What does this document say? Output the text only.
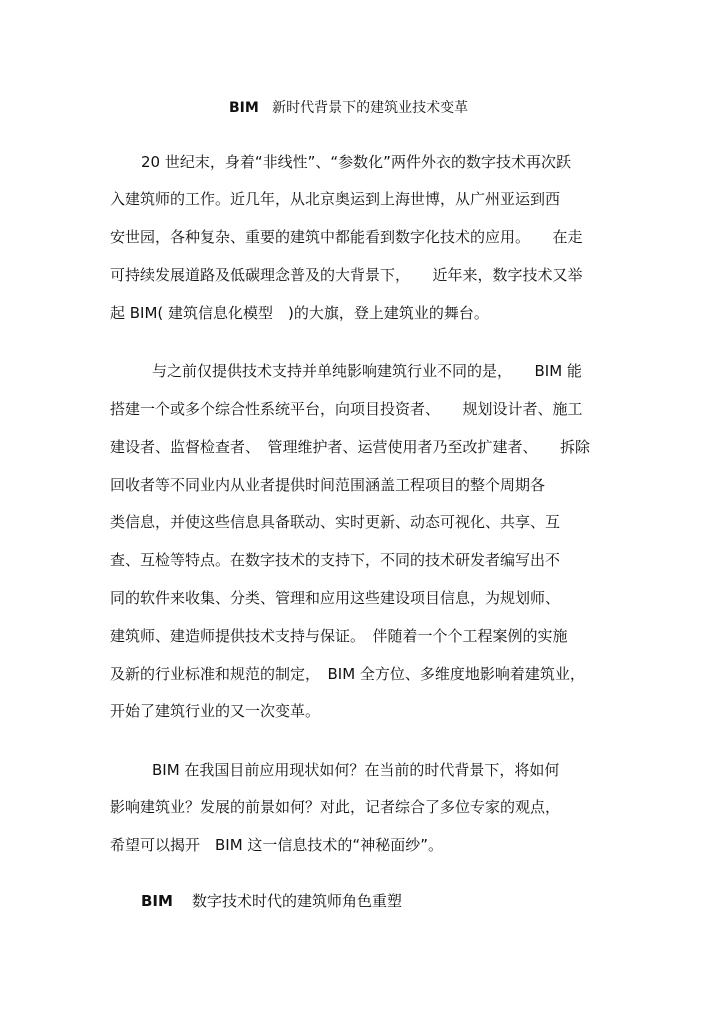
BIM 新时代背景下的建筑业技术变革
20 世纪末，身着“非线性”、“参数化”两件外衣的数字技术再次跃
入建筑师的工作。近几年，从北京奥运到上海世博，从广州亚运到西
安世园，各种复杂、重要的建筑中都能看到数字化技术的应用。　　在走
可持续发展道路及低碳理念普及的大背景下，　　近年来，数字技术又举
起 BIM( 建筑信息化模型　)的大旗，登上建筑业的舞台。
与之前仅提供技术支持并单纯影响建筑行业不同的是，　　BIM 能
搭建一个或多个综合性系统平台，向项目投资者、　　规划设计者、施工
建设者、监督检查者、　管理维护者、运营使用者乃至改扩建者、　　拆除
回收者等不同业内从业者提供时间范围涵盖工程项目的整个周期各
类信息，并使这些信息具备联动、实时更新、动态可视化、共享、互
查、互检等特点。在数字技术的支持下，不同的技术研发者编写出不
同的软件来收集、分类、管理和应用这些建设项目信息，为规划师、
建筑师、建造师提供技术支持与保证。　伴随着一个个工程案例的实施
及新的行业标准和规范的制定，　BIM 全方位、多维度地影响着建筑业，
开始了建筑行业的又一次变革。
BIM 在我国目前应用现状如何？在当前的时代背景下，将如何
影响建筑业？发展的前景如何？对此，记者综合了多位专家的观点，
希望可以揭开　BIM 这一信息技术的“神秘面纱”。
BIM 数字技术时代的建筑师角色重塑
